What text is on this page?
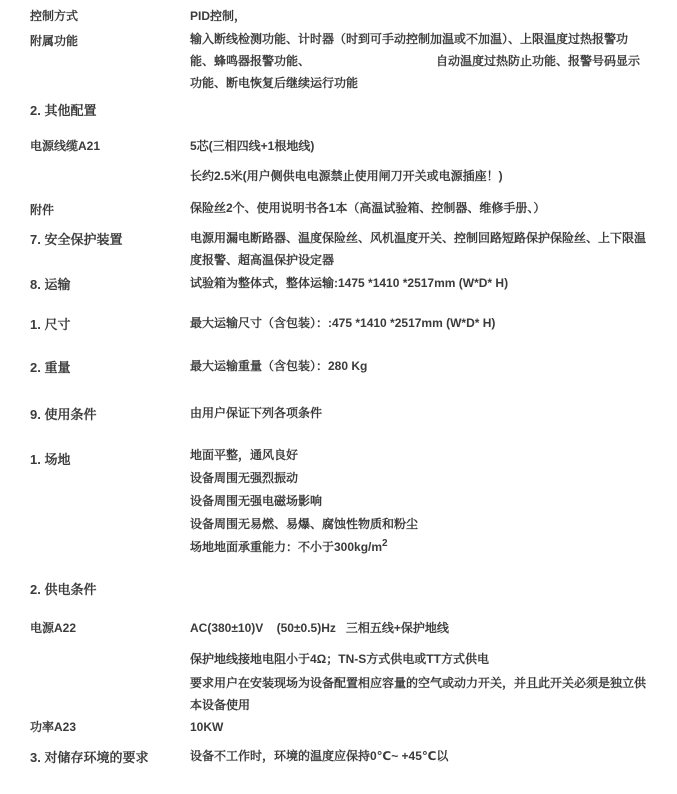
控制方式	PID控制，
附属功能	输入断线检测功能、计时器（时到可手动控制加温或不加温）、上限温度过热报警功
能、蜂鸣器报警功能、　　　　　　　　　　　自动温度过热防止功能、报警号码显示
功能、断电恢复后继续运行功能
2. 其他配置
电源线缆A21	5芯(三相四线+1根地线)
长约2.5米(用户侧供电电源禁止使用闸刀开关或电源插座！)
附件	保险丝2个、使用说明书各1本（高温试验箱、控制器、维修手册、）
7. 安全保护装置	电源用漏电断路器、温度保险丝、风机温度开关、控制回路短路保护保险丝、上下限温
度报警、超高温保护设定器
8. 运输	试验箱为整体式，整体运输:1475 *1410 *2517mm (W*D* H)
1. 尺寸	最大运输尺寸（含包装）：:475 *1410 *2517mm (W*D* H)
2. 重量	最大运输重量（含包装）：280 Kg
9. 使用条件	由用户保证下列各项条件
1. 场地	地面平整，通风良好
设备周围无强烈振动
设备周围无强电磁场影响
设备周围无易燃、易爆、腐蚀性物质和粉尘
场地地面承重能力：不小于$300kg/m^2$
2. 供电条件
电源A22	AC(380±10)V    (50±0.5)Hz   三相五线+保护地线
保护地线接地电阻小于4Ω；TN-S方式供电或TT方式供电
要求用户在安装现场为设备配置相应容量的空气或动力开关，并且此开关必须是独立供
本设备使用
功率A23	10KW
3. 对储存环境的要求	设备不工作时，环境的温度应保持0℃~ +45℃以
